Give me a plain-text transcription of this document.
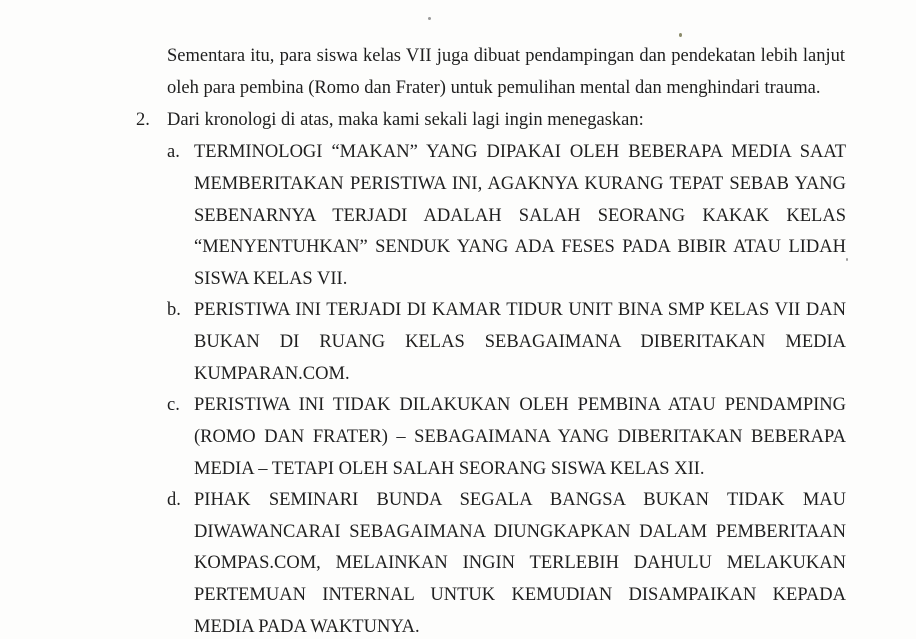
Sementara itu, para siswa kelas VII juga dibuat pendampingan dan pendekatan lebih lanjut
oleh para pembina (Romo dan Frater) untuk pemulihan mental dan menghindari trauma.
2. Dari kronologi di atas, maka kami sekali lagi ingin menegaskan:
a. TERMINOLOGI “MAKAN” YANG DIPAKAI OLEH BEBERAPA MEDIA SAAT
MEMBERITAKAN PERISTIWA INI, AGAKNYA KURANG TEPAT SEBAB YANG
SEBENARNYA TERJADI ADALAH SALAH SEORANG KAKAK KELAS
“MENYENTUHKAN” SENDUK YANG ADA FESES PADA BIBIR ATAU LIDAH
SISWA KELAS VII.
b. PERISTIWA INI TERJADI DI KAMAR TIDUR UNIT BINA SMP KELAS VII DAN
BUKAN DI RUANG KELAS SEBAGAIMANA DIBERITAKAN MEDIA
KUMPARAN.COM.
c. PERISTIWA INI TIDAK DILAKUKAN OLEH PEMBINA ATAU PENDAMPING
(ROMO DAN FRATER) – SEBAGAIMANA YANG DIBERITAKAN BEBERAPA
MEDIA – TETAPI OLEH SALAH SEORANG SISWA KELAS XII.
d. PIHAK SEMINARI BUNDA SEGALA BANGSA BUKAN TIDAK MAU
DIWAWANCARAI SEBAGAIMANA DIUNGKAPKAN DALAM PEMBERITAAN
KOMPAS.COM, MELAINKAN INGIN TERLEBIH DAHULU MELAKUKAN
PERTEMUAN INTERNAL UNTUK KEMUDIAN DISAMPAIKAN KEPADA
MEDIA PADA WAKTUNYA.
